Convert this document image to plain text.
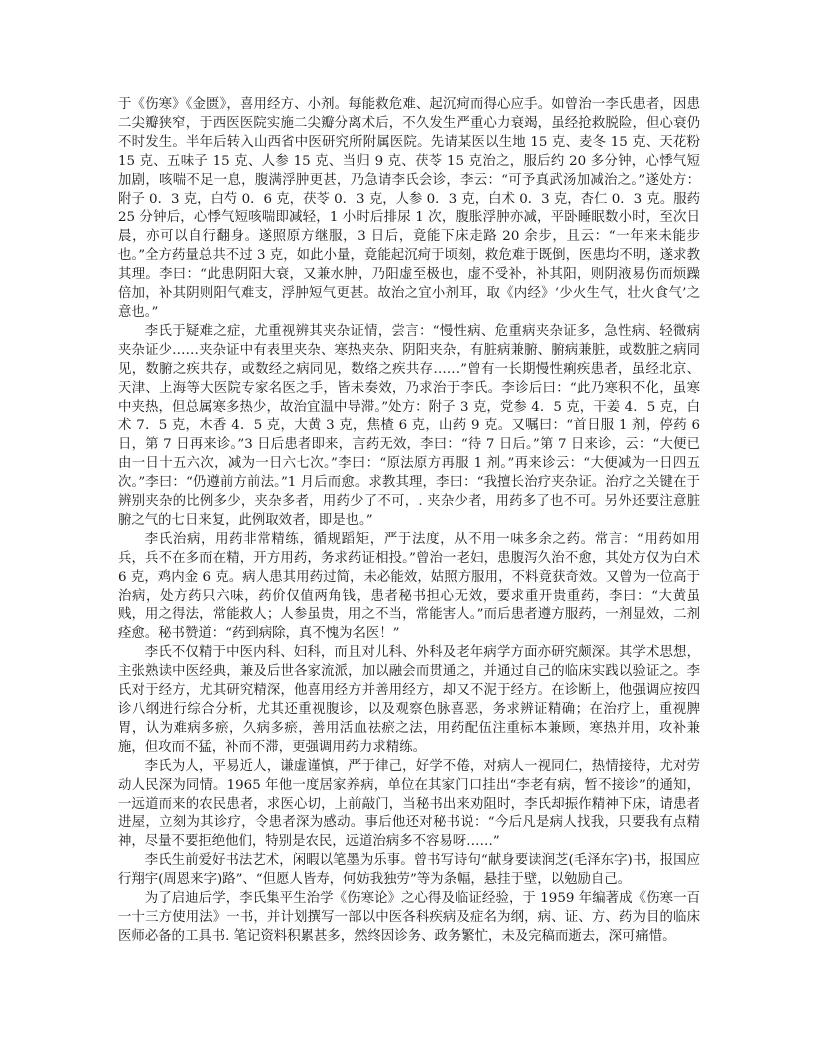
于《伤寒》《金匮》，喜用经方、小剂。每能救危难、起沉疴而得心应手。如曾治一李氏患者，因患二尖瓣狭窄，于西医医院实施二尖瓣分离术后，不久发生严重心力衰竭，虽经抢救脱险，但心衰仍不时发生。半年后转入山西省中医研究所附属医院。先请某医以生地 15 克、麦冬 15 克、天花粉 15 克、五味子 15 克、人参 15 克、当归 9 克、茯苓 15 克治之，服后约 20 多分钟，心悸气短加剧，咳喘不足一息，腹满浮肿更甚，乃急请李氏会诊，李云：“可予真武汤加减治之。”遂处方：附子 0．3 克，白芍 0．6 克，茯苓 0．3 克，人参 0．3 克，白术 0．3 克，杏仁 0．3 克。服药 25 分钟后，心悸气短咳喘即减轻，1 小时后排尿 1 次，腹胀浮肿亦减，平卧睡眠数小时，至次日晨，亦可以自行翻身。遂照原方继服，3 日后，竟能下床走路 20 余步，且云：“一年来未能步也。”全方药量总共不过 3 克，如此小量，竟能起沉疴于顷刻，救危难于既倒，医患均不明，遂求教其理。李曰：“此患阴阳大衰，又兼水肿，乃阳虚至极也，虚不受补，补其阳，则阴液易伤而烦躁倍加，补其阴则阳气难支，浮肿短气更甚。故治之宜小剂耳，取《内经》‘少火生气，壮火食气’之意也。”

李氏于疑难之症，尤重视辨其夹杂证情，尝言：“慢性病、危重病夹杂证多，急性病、轻微病夹杂证少……夹杂证中有表里夹杂、寒热夹杂、阴阳夹杂，有脏病兼腑、腑病兼脏，或数脏之病同见，数腑之疾共存，或数经之病同见，数络之疾共存……”曾有一长期慢性痢疾患者，虽经北京、天津、上海等大医院专家名医之手，皆未奏效，乃求治于李氏。李诊后曰：“此乃寒积不化，虽寒中夹热，但总属寒多热少，故治宜温中导滞。”处方：附子 3 克，党参 4．5 克，干姜 4．5 克，白术 7．5 克，木香 4．5 克，大黄 3 克，焦楂 6 克，山药 9 克。又嘱曰：“首日服 1 剂，停药 6 日，第 7 日再来诊。”3 日后患者即来，言药无效，李曰：“待 7 日后。”第 7 日来诊，云：“大便已由一日十五六次，减为一日六七次。”李曰：“原法原方再服 1 剂。”再来诊云：“大便减为一日四五次。”李曰：“仍遵前方前法。”1 月后而愈。求教其理，李曰：“我擅长治疗夹杂证。治疗之关键在于辨别夹杂的比例多少，夹杂多者，用药少了不可，. 夹杂少者，用药多了也不可。另外还要注意脏腑之气的七日来复，此例取效者，即是也。”

李氏治病，用药非常精练，循规蹈矩，严于法度，从不用一味多余之药。常言：“用药如用兵，兵不在多而在精，开方用药，务求药证相投。”曾治一老妇，患腹泻久治不愈，其处方仅为白术 6 克，鸡内金 6 克。病人患其用药过简，未必能效，姑照方服用，不料竟获奇效。又曾为一位高于治病，处方药只六味，药价仅值两角钱，患者秘书担心无效，要求重开贵重药，李曰：“大黄虽贱，用之得法，常能救人；人参虽贵，用之不当，常能害人。”而后患者遵方服药，一剂显效，二剂痊愈。秘书赞道：“药到病除，真不愧为名医！”

李氏不仅精于中医内科、妇科，而且对儿科、外科及老年病学方面亦研究颇深。其学术思想，主张熟读中医经典，兼及后世各家流派，加以融会而贯通之，并通过自己的临床实践以验证之。李氏对于经方，尤其研究精深，他喜用经方并善用经方，却又不泥于经方。在诊断上，他强调应按四诊八纲进行综合分析，尤其还重视腹诊，以及观察色脉喜恶，务求辨证精确；在治疗上，重视脾胃，认为难病多瘀，久病多瘀，善用活血祛瘀之法，用药配伍注重标本兼顾，寒热并用，攻补兼施，但攻而不猛，补而不滞，更强调用药力求精练。

李氏为人，平易近人，谦虚谨慎，严于律己，好学不倦，对病人一视同仁，热情接待，尤对劳动人民深为同情。1965 年他一度居家养病，单位在其家门口挂出“李老有病，暂不接诊”的通知，一远道而来的农民患者，求医心切，上前敲门，当秘书出来劝阻时，李氏却振作精神下床，请患者进屋，立刻为其诊疗，令患者深为感动。事后他还对秘书说：“今后凡是病人找我，只要我有点精神，尽量不要拒绝他们，特别是农民，远道治病多不容易呀……”

李氏生前爱好书法艺术，闲暇以笔墨为乐事。曾书写诗句“献身要读润芝(毛泽东字)书，报国应行翔宇(周恩来字)路”、“但愿人皆寿，何妨我独劳”等为条幅，悬挂于壁，以勉励自己。

为了启迪后学，李氏集平生治学《伤寒论》之心得及临证经验，于 1959 年编著成《伤寒一百一十三方使用法》一书，并计划撰写一部以中医各科疾病及症名为纲，病、证、方、药为目的临床医师必备的工具书. 笔记资料积累甚多，然终因诊务、政务繁忙，未及完稿而逝去，深可痛惜。
